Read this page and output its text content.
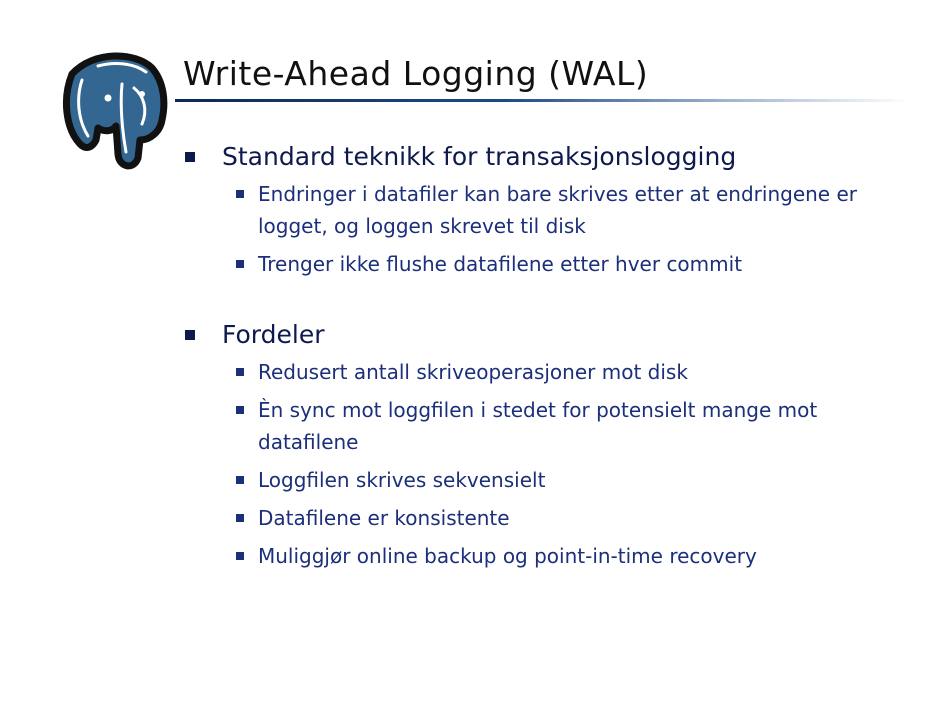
Write-Ahead Logging (WAL)
Standard teknikk for transaksjonslogging
Endringer i datafiler kan bare skrives etter at endringene er logget, og loggen skrevet til disk
Trenger ikke flushe datafilene etter hver commit
Fordeler
Redusert antall skriveoperasjoner mot disk
Èn sync mot loggfilen i stedet for potensielt mange mot datafilene
Loggfilen skrives sekvensielt
Datafilene er konsistente
Muliggjør online backup og point-in-time recovery
